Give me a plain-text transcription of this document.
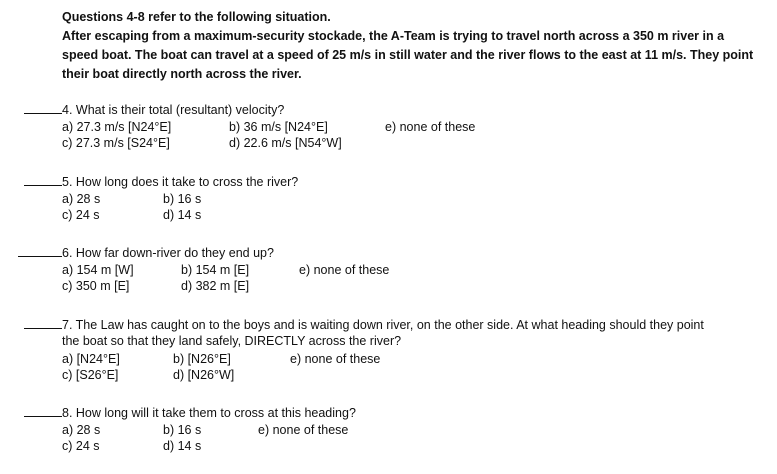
Questions 4-8 refer to the following situation.
After escaping from a maximum-security stockade, the A-Team is trying to travel north across a 350 m river in a speed boat. The boat can travel at a speed of 25 m/s in still water and the river flows to the east at 11 m/s. They point their boat directly north across the river.
4. What is their total (resultant) velocity?
a) 27.3 m/s [N24°E]	b) 36 m/s [N24°E]	e) none of these
c) 27.3 m/s [S24°E]	d) 22.6 m/s [N54°W]
5. How long does it take to cross the river?
a) 28 s	b) 16 s
c) 24 s	d) 14 s
6. How far down-river do they end up?
a) 154 m [W]	b) 154 m [E]	e) none of these
c) 350 m [E]	d) 382 m [E]
7. The Law has caught on to the boys and is waiting down river, on the other side. At what heading should they point
the boat so that they land safely, DIRECTLY across the river?
a) [N24°E]	b) [N26°E]	e) none of these
c) [S26°E]	d) [N26°W]
8. How long will it take them to cross at this heading?
a) 28 s	b) 16 s	e) none of these
c) 24 s	d) 14 s
